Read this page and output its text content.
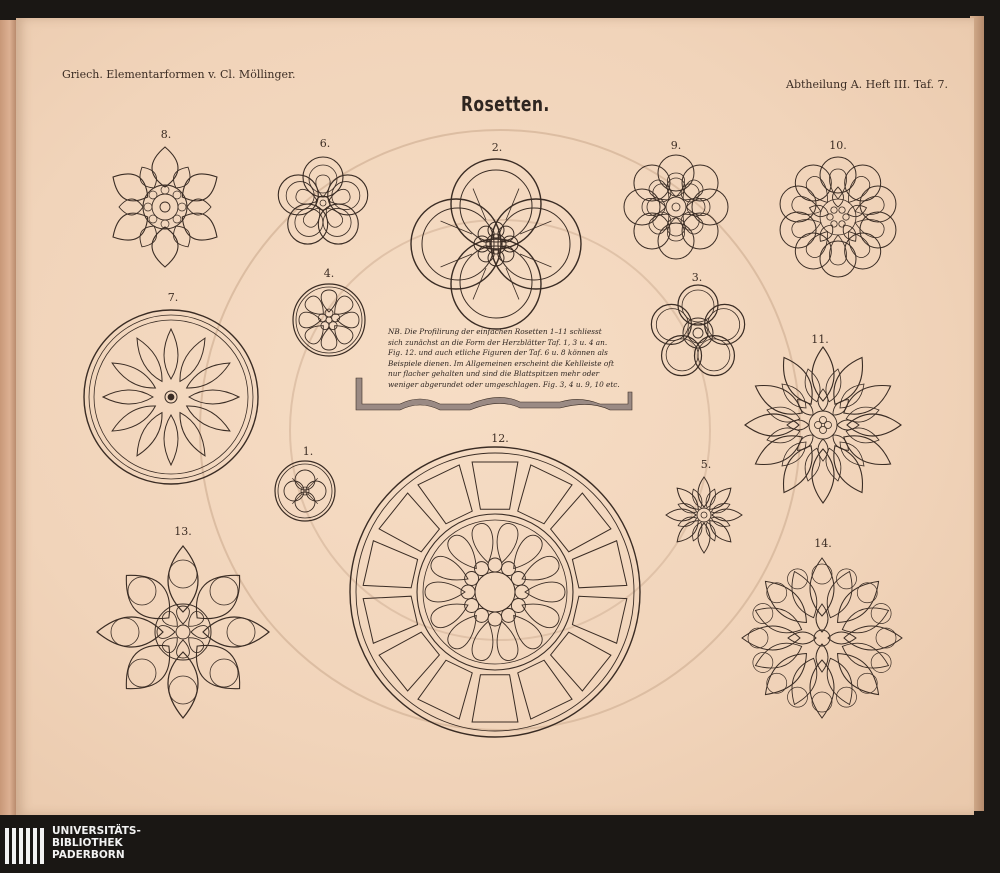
Griech. Elementarformen v. Cl. Möllinger.
Abtheilung A. Heft III. Taf. 7.
Rosetten.
8.
6.	2.	9.	10.
4.	3.
7.
11.
12.
1.
5.
13.
14.

NB. Die Profilirung der einfachen Rosetten 1–11 schliesst

sich zunächst an die Form der Herzblätter Taf. 1, 3 u. 4 an.

Fig. 12. und auch etliche Figuren der Taf. 6 u. 8 können als

Beispiele dienen. Im Allgemeinen erscheint die Kehlleiste oft

nur flacher gehalten und sind die Blattspitzen mehr oder

weniger abgerundet oder umgeschlagen. Fig. 3, 4 u. 9, 10 etc.

UNIVERSITÄTS-
BIBLIOTHEK
PADERBORN
